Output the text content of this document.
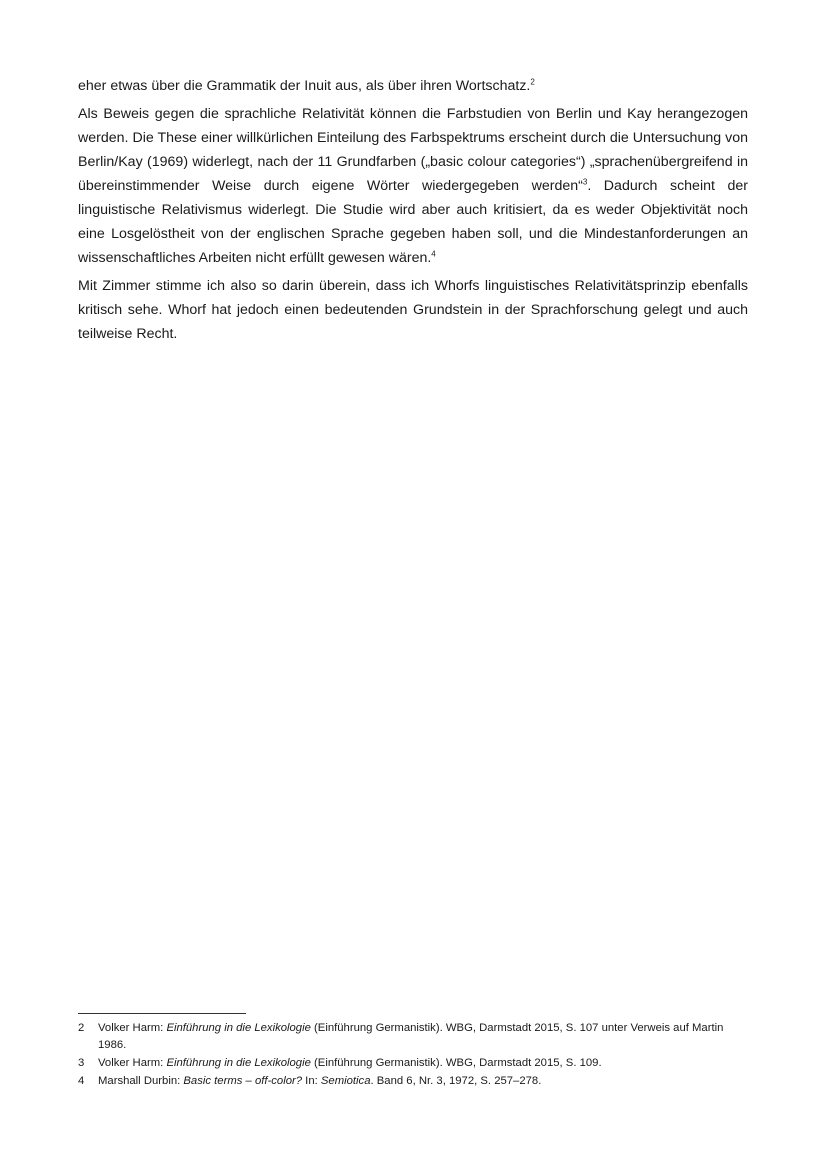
eher etwas über die Grammatik der Inuit aus, als über ihren Wortschatz.$^2$

Als Beweis gegen die sprachliche Relativität können die Farbstudien von Berlin und Kay herangezogen werden. Die These einer willkürlichen Einteilung des Farbspektrums erscheint durch die Untersuchung von Berlin/Kay (1969) widerlegt, nach der 11 Grundfarben („basic colour categories“) „sprachenübergreifend in übereinstimmender Weise durch eigene Wörter wiedergegeben werden“$^3$. Dadurch scheint der linguistische Relativismus widerlegt. Die Studie wird aber auch kritisiert, da es weder Objektivität noch eine Losgelöstheit von der englischen Sprache gegeben haben soll, und die Mindestanforderungen an wissenschaftliches Arbeiten nicht erfüllt gewesen wären.$^4$

Mit Zimmer stimme ich also so darin überein, dass ich Whorfs linguistisches Relativitätsprinzip ebenfalls kritisch sehe. Whorf hat jedoch einen bedeutenden Grundstein in der Sprachforschung gelegt und auch teilweise Recht.

2	Volker Harm: Einführung in die Lexikologie (Einführung Germanistik). WBG, Darmstadt 2015, S. 107 unter Verweis auf Martin 1986.
3	Volker Harm: Einführung in die Lexikologie (Einführung Germanistik). WBG, Darmstadt 2015, S. 109.
4	Marshall Durbin: Basic terms – off-color? In: Semiotica. Band 6, Nr. 3, 1972, S. 257–278.
